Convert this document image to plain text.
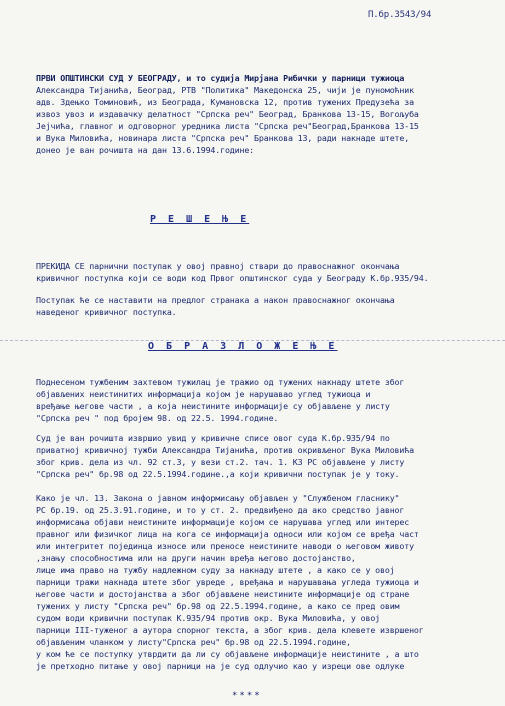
П.бр.3543/94
ПРВИ ОПШТИНСКИ СУД У БЕОГРАДУ, и то судија Мирјана Рибички у парници тужиоца
Александра Тијанића, Београд, РТВ "Политика" Македонска 25, чији је пуномоћник
адв. Здењко Томиновић, из Београда, Кумановска 12, против тужених Предузећа за
извоз увоз и издавачку делатност "Српска реч" Београд, Бранкова 13-15, Вогољуба
Јејчића, главног и одговорног уредника листа "Српска реч"Београд,Бранкова 13-15
и Вука Миловића, новинара листа "Српска реч" Бранкова 13, ради накнаде штете,
донео је ван рочишта на дан 13.6.1994.године:
Р Е Ш Е Њ Е
ПРЕКИДА СЕ парнични поступак у овој правној ствари до правоснажног окончања
кривичног поступка који се води код Првог општинског суда у Београду К.бр.935/94.
Поступак ће се наставити на предлог странака а након правоснажног окончања
наведеног кривичног поступка.
О Б Р А З Л О Ж Е Њ Е
Поднесеном тужбеним захтевом тужилац је тражио од тужених накнаду штете због
објављених неистинитих информација којом је нарушавао углед тужиоца и
вређање његове части , а која неистините информације су објављене у листу
"Српска реч " под бројем 98. од 22.5. 1994.године.
Суд је ван рочишта извршио увид у кривичне списе овог суда К.бр.935/94 по
приватној кривичној тужби Александра Тијанића, против окривљеног Вука Миловића
због крив. дела из чл. 92 ст.3, у вези ст.2. тач. 1. КЗ РС објављене у листу
"Српска реч" бр.98 од 22.5.1994.године.,а који кривични поступак је у току.
Како је чл. 13. Закона о јавном информисању објављен у "Службеном гласнику"
РС бр.19. од 25.3.91.године, и то у ст. 2. предвиђено да ако средство јавног
информисања објави неистините информације којом се нарушава углед или интерес
правног или физичког лица на кога се информација односи или којом се вређа част
или интегритет појединца износе или преносе неистините наводи о његовом животу
,знању способностима или на други начин вређа његово достојанство,
лице има право на тужбу надлежном суду за накнаду штете , а како се у овој
парници тражи накнада штете због увреде , вређања и нарушавања угледа тужиоца и
његове части и достојанства а због објављене неистините информације од стране
тужених у листу "Српска реч" бр.98 од 22.5.1994.године, а како се пред овим
судом води кривични поступак К.935/94 против окр. Вука Миловића, у овој
парници III-туженог а аутора спорног текста, а због крив. дела клевете извршеног
објављеним чланком у листу"Српска реч" бр.98 од 22.5.1994.године,
у ком ће се поступку утврдити да ли су објављене информације неистините , а што
је претходно питање у овој парници на је суд одлучио као у изреци ове одлуке
****
